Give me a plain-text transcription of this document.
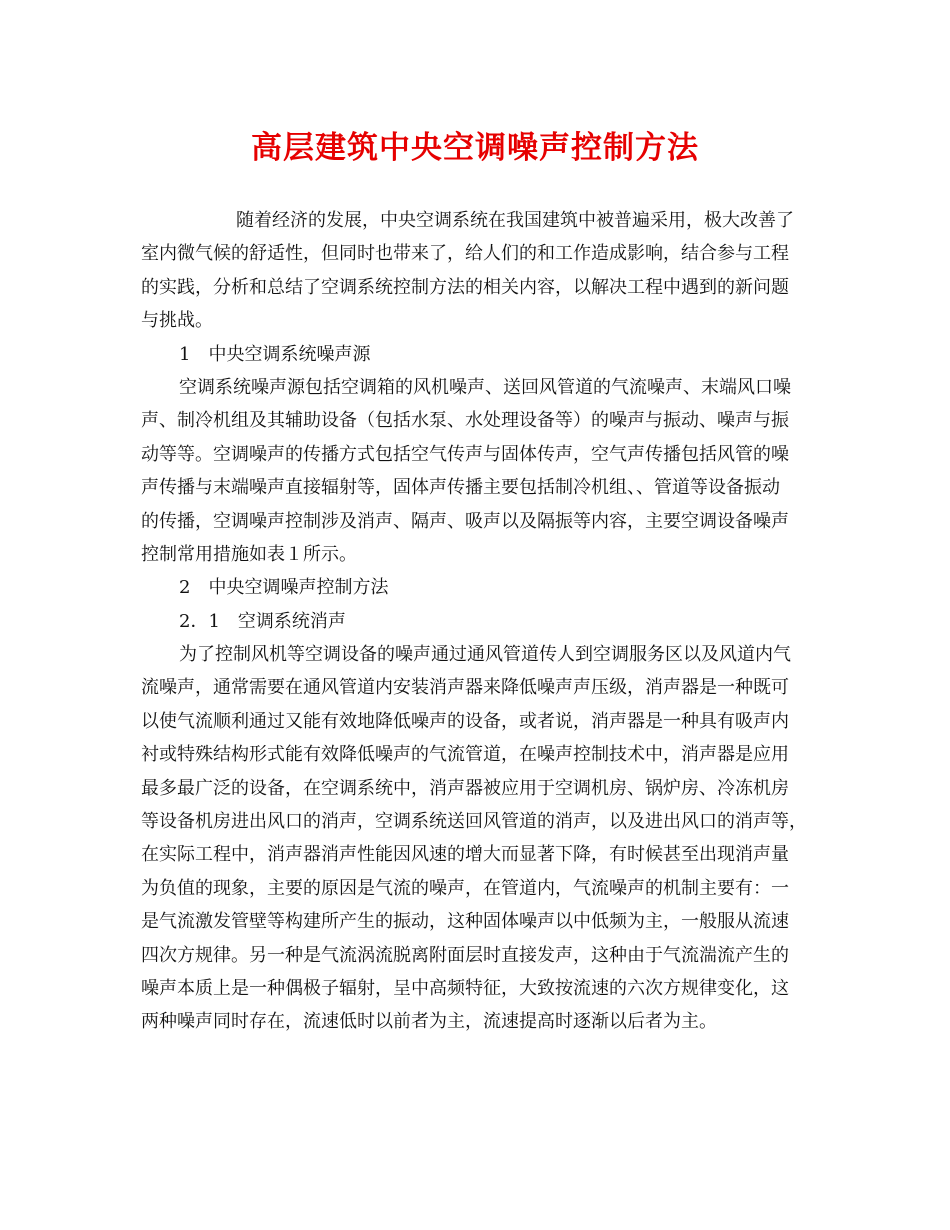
高层建筑中央空调噪声控制方法

随着经济的发展，中央空调系统在我国建筑中被普遍采用，极大改善了

室内微气候的舒适性，但同时也带来了，给人们的和工作造成影响，结合参与工程

的实践，分析和总结了空调系统控制方法的相关内容，以解决工程中遇到的新问题

与挑战。

1　中央空调系统噪声源

空调系统噪声源包括空调箱的风机噪声、送回风管道的气流噪声、末端风口噪

声、制冷机组及其辅助设备（包括水泵、水处理设备等）的噪声与振动、噪声与振

动等等。空调噪声的传播方式包括空气传声与固体传声，空气声传播包括风管的噪

声传播与末端噪声直接辐射等，固体声传播主要包括制冷机组、、管道等设备振动

的传播，空调噪声控制涉及消声、隔声、吸声以及隔振等内容，主要空调设备噪声

控制常用措施如表１所示。

2　中央空调噪声控制方法

2．1　空调系统消声

为了控制风机等空调设备的噪声通过通风管道传人到空调服务区以及风道内气

流噪声，通常需要在通风管道内安装消声器来降低噪声声压级，消声器是一种既可

以使气流顺利通过又能有效地降低噪声的设备，或者说，消声器是一种具有吸声内

衬或特殊结构形式能有效降低噪声的气流管道，在噪声控制技术中，消声器是应用

最多最广泛的设备，在空调系统中，消声器被应用于空调机房、锅炉房、冷冻机房

等设备机房进出风口的消声，空调系统送回风管道的消声，以及进出风口的消声等，

在实际工程中，消声器消声性能因风速的增大而显著下降，有时候甚至出现消声量

为负值的现象，主要的原因是气流的噪声，在管道内，气流噪声的机制主要有：一

是气流激发管壁等构建所产生的振动，这种固体噪声以中低频为主，一般服从流速

四次方规律。另一种是气流涡流脱离附面层时直接发声，这种由于气流湍流产生的

噪声本质上是一种偶极子辐射，呈中高频特征，大致按流速的六次方规律变化，这

两种噪声同时存在，流速低时以前者为主，流速提高时逐渐以后者为主。
